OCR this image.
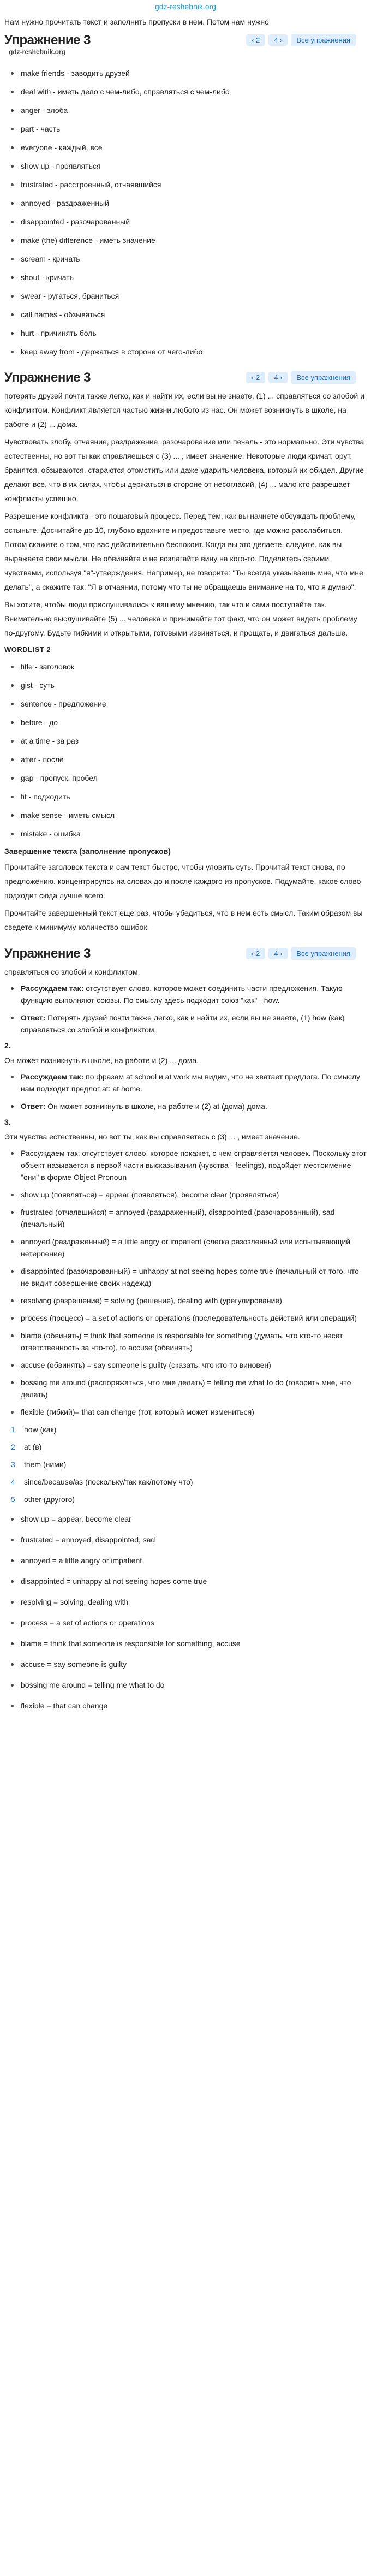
gdz-reshebnik.org
Нам нужно прочитать текст и заполнить пропуски в нем. Потом нам нужно
Упражнение 3	‹ 2	4 ›	Все упражнения
gdz-reshebnik.org
make friends - заводить друзей
deal with - иметь дело с чем-либо, справляться с чем-либо
anger - злоба
part - часть
everyone - каждый, все
show up - проявляться
frustrated - расстроенный, отчаявшийся
annoyed - раздраженный
disappointed - разочарованный
make (the) difference - иметь значение
scream - кричать
shout - кричать
swear - ругаться, браниться
call names - обзываться
hurt - причинять боль
keep away from - держаться в стороне от чего-либо
Упражнение 3	‹ 2	4 ›	Все упражнения
потерять друзей почти также легко, как и найти их, если вы не знаете, (1) ... справляться со злобой и конфликтом. Конфликт является частью жизни любого из нас. Он может возникнуть в школе, на работе и (2) ... дома.
Чувствовать злобу, отчаяние, раздражение, разочарование или печаль - это нормально. Эти чувства естественны, но вот ты как справляешься с (3) ... , имеет значение. Некоторые люди кричат, орут, бранятся, обзываются, стараются отомстить или даже ударить человека, который их обидел. Другие делают все, что в их силах, чтобы держаться в стороне от несогласий, (4) ... мало кто разрешает конфликты успешно.
Разрешение конфликта - это пошаговый процесс. Перед тем, как вы начнете обсуждать проблему, остыньте. Досчитайте до 10, глубоко вдохните и предоставьте место, где можно расслабиться. Потом скажите о том, что вас действительно беспокоит. Когда вы это делаете, следите, как вы выражаете свои мысли. Не обвиняйте и не возлагайте вину на кого-то. Поделитесь своими чувствами, используя "я"-утверждения. Например, не говорите: "Ты всегда указываешь мне, что мне делать", а скажите так: "Я в отчаянии, потому что ты не обращаешь внимание на то, что я думаю".
Вы хотите, чтобы люди прислушивались к вашему мнению, так что и сами поступайте так. Внимательно выслушивайте (5) ... человека и принимайте тот факт, что он может видеть проблему по-другому. Будьте гибкими и открытыми, готовыми извиняться, и прощать, и двигаться дальше.
WORDLIST 2
title - заголовок
gist - суть
sentence - предложение
before - до
at a time - за раз
after - после
gap - пропуск, пробел
fit - подходить
make sense - иметь смысл
mistake - ошибка
Завершение текста (заполнение пропусков)
Прочитайте заголовок текста и сам текст быстро, чтобы уловить суть. Прочитай текст снова, по предложению, концентрируясь на словах до и после каждого из пропусков. Подумайте, какое слово подходит сюда лучше всего.
Прочитайте завершенный текст еще раз, чтобы убедиться, что в нем есть смысл. Таким образом вы сведете к минимуму количество ошибок.
Упражнение 3	‹ 2	4 ›	Все упражнения
справляться со злобой и конфликтом.
Рассуждаем так: отсутствует слово, которое может соединить части предложения. Такую функцию выполняют союзы. По смыслу здесь подходит союз "как" - how.
Ответ: Потерять друзей почти также легко, как и найти их, если вы не знаете, (1) how (как) справляться со злобой и конфликтом.
2.
Он может возникнуть в школе, на работе и (2) ... дома.
Рассуждаем так: по фразам at school и at work мы видим, что не хватает предлога. По смыслу нам подходит предлог at: at home.
Ответ: Он может возникнуть в школе, на работе и (2) at (дома) дома.
3.
Эти чувства естественны, но вот ты, как вы справляетесь с (3) ... , имеет значение.
Рассуждаем так: отсутствует слово, которое покажет, с чем справляется человек. Поскольку этот объект называется в первой части высказывания (чувства - feelings), подойдет местоимение "они" в форме Object Pronoun
show up (появляться) = appear (появляться), become clear (проявляться)
frustrated (отчаявшийся) = annoyed (раздраженный), disappointed (разочарованный), sad (печальный)
annoyed (раздраженный) = a little angry or impatient (слегка разозленный или испытывающий нетерпение)
disappointed (разочарованный) = unhappy at not seeing hopes come true (печальный от того, что не видит совершение своих надежд)
resolving (разрешение) = solving (решение), dealing with (урегулирование)
process (процесс) = a set of actions or operations (последовательность действий или операций)
blame (обвинять) = think that someone is responsible for something (думать, что кто-то несет ответственность за что-то), to accuse (обвинять)
accuse (обвинять) = say someone is guilty (сказать, что кто-то виновен)
bossing me around (распоряжаться, что мне делать) = telling me what to do (говорить мне, что делать)
flexible (гибкий)= that can change (тот, который может измениться)
1	how (как)
2	at (в)
3	them (ними)
4	since/because/as (поскольку/так как/потому что)
5	other (другого)
show up = appear, become clear
frustrated = annoyed, disappointed, sad
annoyed = a little angry or impatient
disappointed = unhappy at not seeing hopes come true
resolving = solving, dealing with
process = a set of actions or operations
blame = think that someone is responsible for something, accuse
accuse = say someone is guilty
bossing me around = telling me what to do
flexible = that can change
